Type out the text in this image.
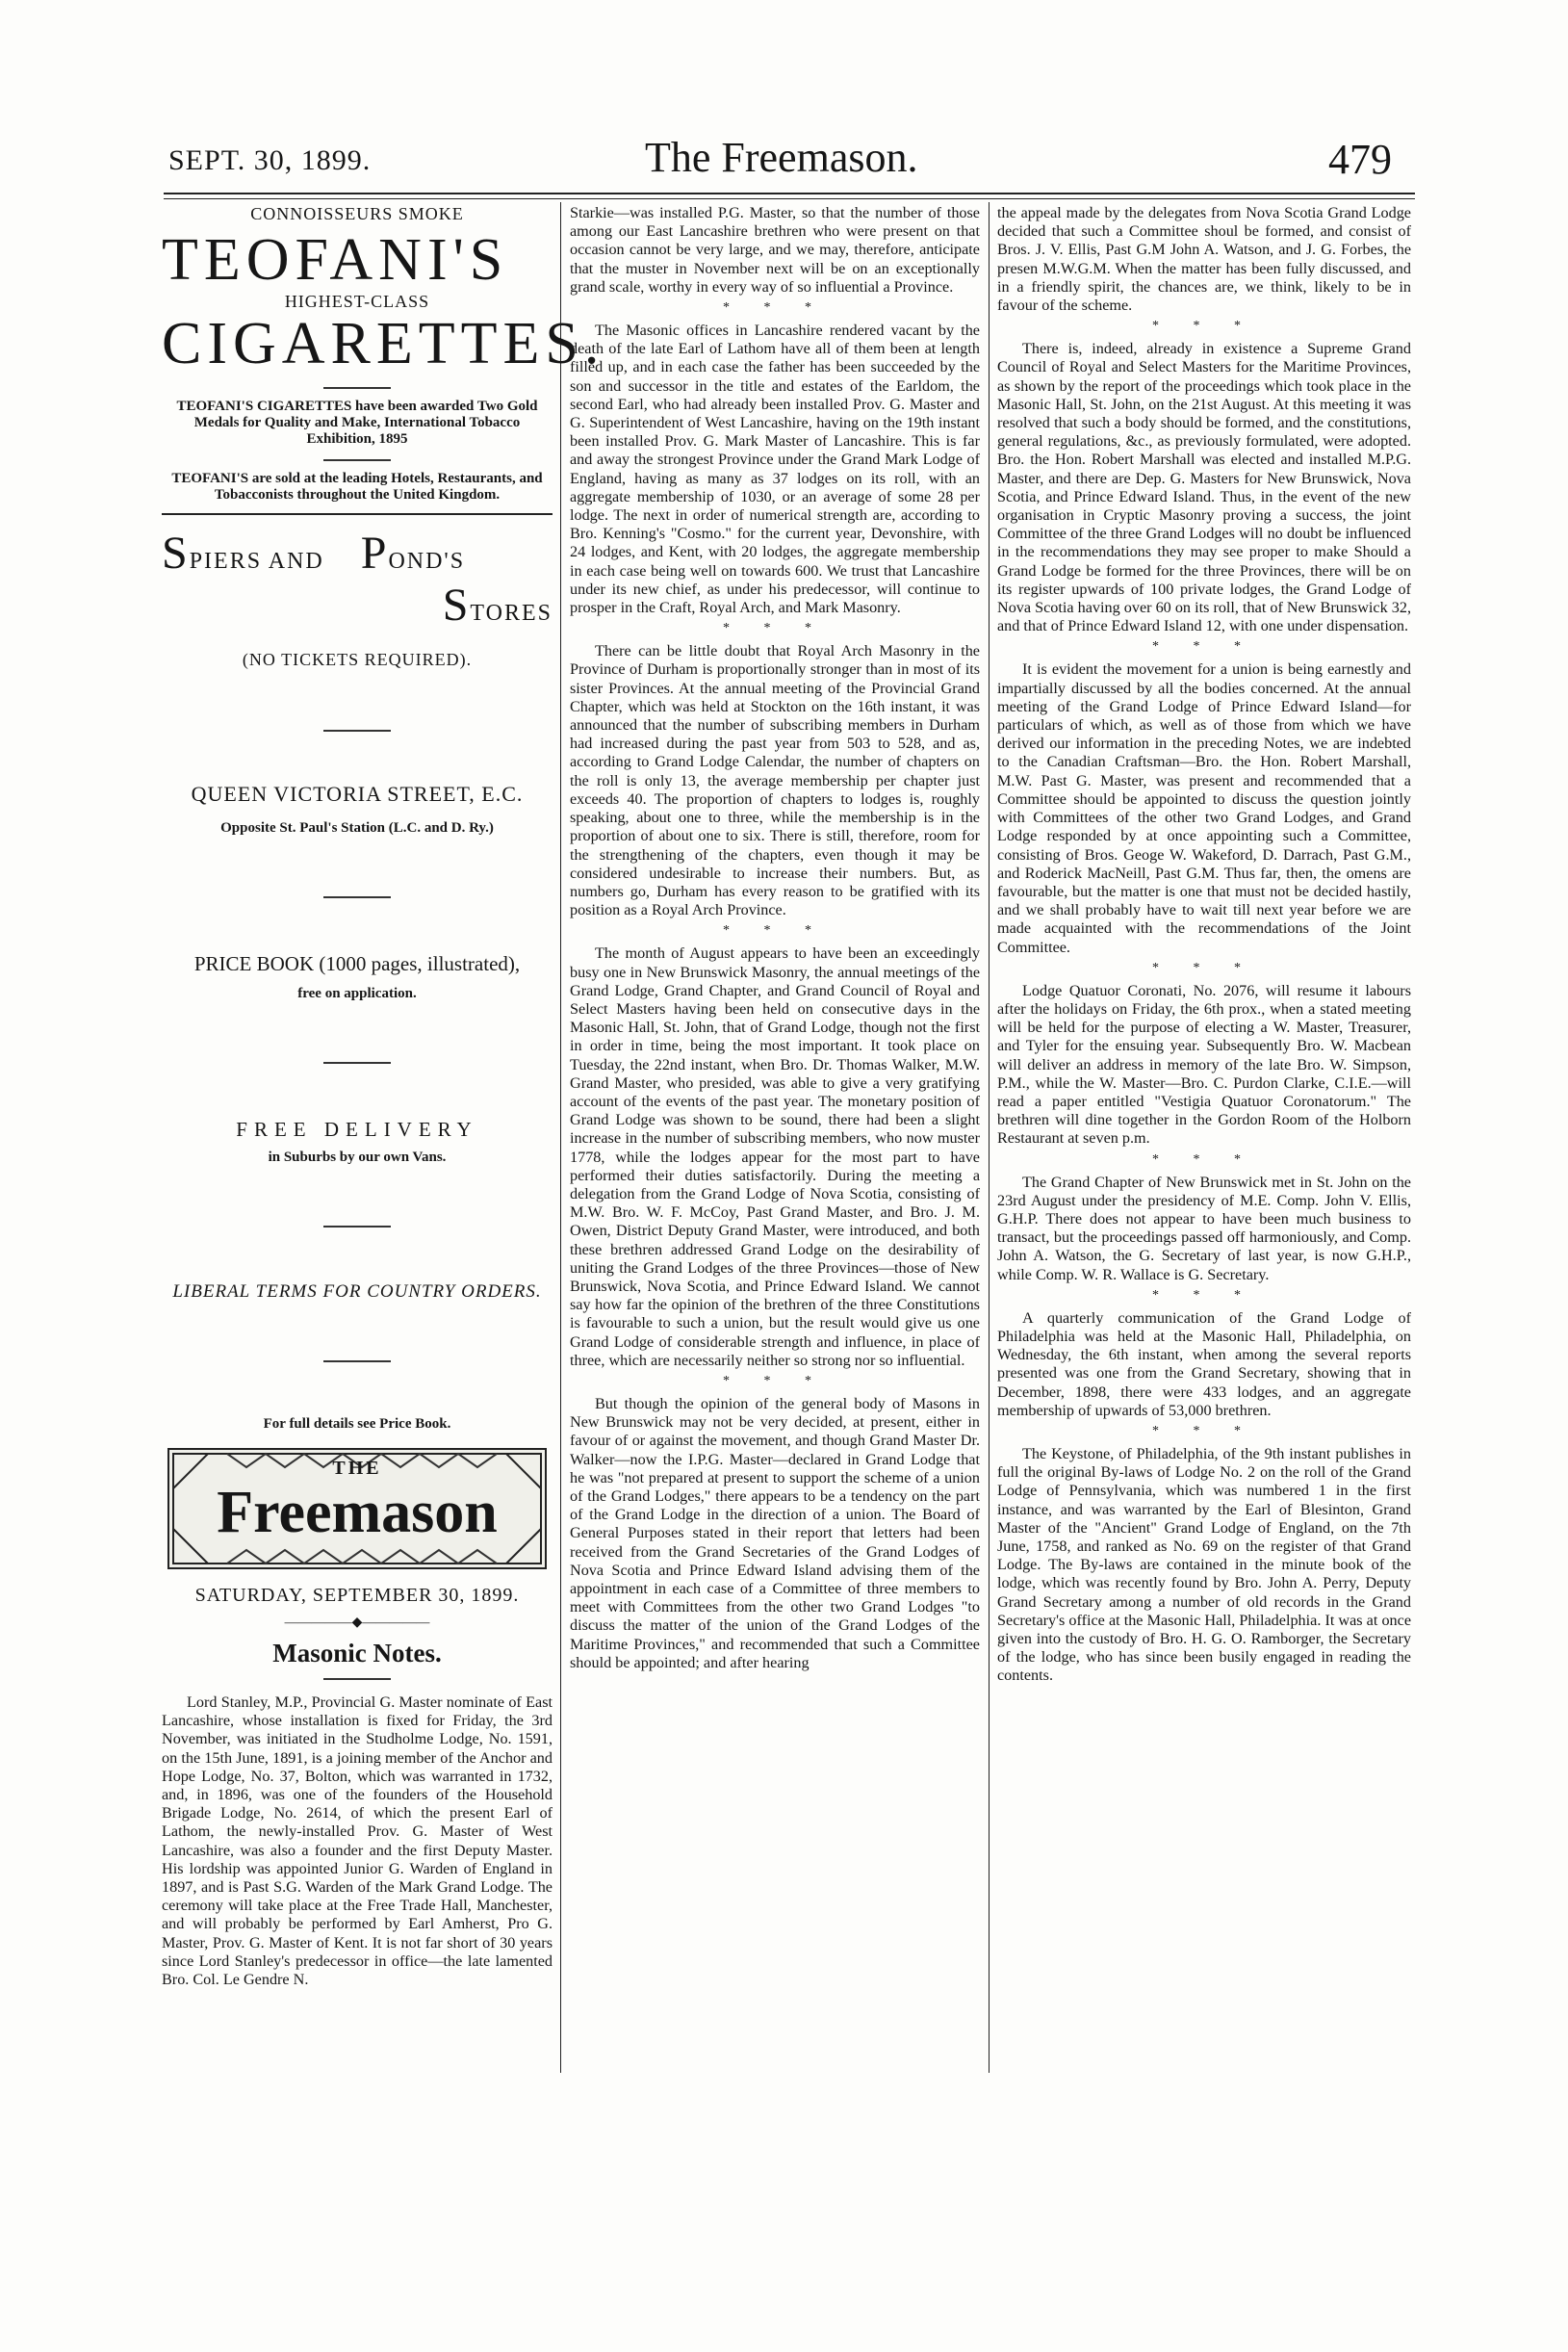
SEPT. 30, 1899.	The Freemason.	479
CONNOISSEURS SMOKE
TEOFANI'S
HIGHEST-CLASS
CIGARETTES.
TEOFANI'S CIGARETTES have been awarded Two Gold Medals for Quality and Make, International Tobacco Exhibition, 1895
TEOFANI'S are sold at the leading Hotels, Restaurants, and Tobacconists throughout the United Kingdom.
SPIERS AND POND'S
STORES
(NO TICKETS REQUIRED).
QUEEN VICTORIA STREET, E.C.
Opposite St. Paul's Station (L.C. and D. Ry.)
PRICE BOOK (1000 pages, illustrated),
free on application.
FREE DELIVERY
in Suburbs by our own Vans.
LIBERAL TERMS FOR COUNTRY ORDERS.
For full details see Price Book.
THE
Freemason
SATURDAY, SEPTEMBER 30, 1899.
—————◆—————
Masonic Notes.

Lord Stanley, M.P., Provincial G. Master nominate of East Lancashire, whose installation is fixed for Friday, the 3rd November, was initiated in the Studholme Lodge, No. 1591, on the 15th June, 1891, is a joining member of the Anchor and Hope Lodge, No. 37, Bolton, which was warranted in 1732, and, in 1896, was one of the founders of the Household Brigade Lodge, No. 2614, of which the present Earl of Lathom, the newly-installed Prov. G. Master of West Lancashire, was also a founder and the first Deputy Master. His lordship was appointed Junior G. Warden of England in 1897, and is Past S.G. Warden of the Mark Grand Lodge. The ceremony will take place at the Free Trade Hall, Manchester, and will probably be performed by Earl Amherst, Pro G. Master, Prov. G. Master of Kent. It is not far short of 30 years since Lord Stanley's predecessor in office—the late lamented Bro. Col. Le Gendre N.

Starkie—was installed P.G. Master, so that the number of those among our East Lancashire brethren who were present on that occasion cannot be very large, and we may, therefore, anticipate that the muster in November next will be on an exceptionally grand scale, worthy in every way of so influential a Province.

* * *

The Masonic offices in Lancashire rendered vacant by the death of the late Earl of Lathom have all of them been at length filled up, and in each case the father has been succeeded by the son and successor in the title and estates of the Earldom, the second Earl, who had already been installed Prov. G. Master and G. Superintendent of West Lancashire, having on the 19th instant been installed Prov. G. Mark Master of Lancashire. This is far and away the strongest Province under the Grand Mark Lodge of England, having as many as 37 lodges on its roll, with an aggregate membership of 1030, or an average of some 28 per lodge. The next in order of numerical strength are, according to Bro. Kenning's "Cosmo." for the current year, Devonshire, with 24 lodges, and Kent, with 20 lodges, the aggregate membership in each case being well on towards 600. We trust that Lancashire under its new chief, as under his predecessor, will continue to prosper in the Craft, Royal Arch, and Mark Masonry.

* * *

There can be little doubt that Royal Arch Masonry in the Province of Durham is proportionally stronger than in most of its sister Provinces. At the annual meeting of the Provincial Grand Chapter, which was held at Stockton on the 16th instant, it was announced that the number of subscribing members in Durham had increased during the past year from 503 to 528, and as, according to Grand Lodge Calendar, the number of chapters on the roll is only 13, the average membership per chapter just exceeds 40. The proportion of chapters to lodges is, roughly speaking, about one to three, while the membership is in the proportion of about one to six. There is still, therefore, room for the strengthening of the chapters, even though it may be considered undesirable to increase their numbers. But, as numbers go, Durham has every reason to be gratified with its position as a Royal Arch Province.

* * *

The month of August appears to have been an exceedingly busy one in New Brunswick Masonry, the annual meetings of the Grand Lodge, Grand Chapter, and Grand Council of Royal and Select Masters having been held on consecutive days in the Masonic Hall, St. John, that of Grand Lodge, though not the first in order in time, being the most important. It took place on Tuesday, the 22nd instant, when Bro. Dr. Thomas Walker, M.W. Grand Master, who presided, was able to give a very gratifying account of the events of the past year. The monetary position of Grand Lodge was shown to be sound, there had been a slight increase in the number of subscribing members, who now muster 1778, while the lodges appear for the most part to have performed their duties satisfactorily. During the meeting a delegation from the Grand Lodge of Nova Scotia, consisting of M.W. Bro. W. F. McCoy, Past Grand Master, and Bro. J. M. Owen, District Deputy Grand Master, were introduced, and both these brethren addressed Grand Lodge on the desirability of uniting the Grand Lodges of the three Provinces—those of New Brunswick, Nova Scotia, and Prince Edward Island. We cannot say how far the opinion of the brethren of the three Constitutions is favourable to such a union, but the result would give us one Grand Lodge of considerable strength and influence, in place of three, which are necessarily neither so strong nor so influential.

* * *

But though the opinion of the general body of Masons in New Brunswick may not be very decided, at present, either in favour of or against the movement, and though Grand Master Dr. Walker—now the I.P.G. Master—declared in Grand Lodge that he was "not prepared at present to support the scheme of a union of the Grand Lodges," there appears to be a tendency on the part of the Grand Lodge in the direction of a union. The Board of General Purposes stated in their report that letters had been received from the Grand Secretaries of the Grand Lodges of Nova Scotia and Prince Edward Island advising them of the appointment in each case of a Committee of three members to meet with Committees from the other two Grand Lodges "to discuss the matter of the union of the Grand Lodges of the Maritime Provinces," and recommended that such a Committee should be appointed; and after hearing

the appeal made by the delegates from Nova Scotia Grand Lodge decided that such a Committee shoul be formed, and consist of Bros. J. V. Ellis, Past G.M John A. Watson, and J. G. Forbes, the presen M.W.G.M. When the matter has been fully discussed, and in a friendly spirit, the chances are, we think, likely to be in favour of the scheme.

* * *

There is, indeed, already in existence a Supreme Grand Council of Royal and Select Masters for the Maritime Provinces, as shown by the report of the proceedings which took place in the Masonic Hall, St. John, on the 21st August. At this meeting it was resolved that such a body should be formed, and the constitutions, general regulations, &c., as previously formulated, were adopted. Bro. the Hon. Robert Marshall was elected and installed M.P.G. Master, and there are Dep. G. Masters for New Brunswick, Nova Scotia, and Prince Edward Island. Thus, in the event of the new organisation in Cryptic Masonry proving a success, the joint Committee of the three Grand Lodges will no doubt be influenced in the recommendations they may see proper to make Should a Grand Lodge be formed for the three Provinces, there will be on its register upwards of 100 private lodges, the Grand Lodge of Nova Scotia having over 60 on its roll, that of New Brunswick 32, and that of Prince Edward Island 12, with one under dispensation.

* * *

It is evident the movement for a union is being earnestly and impartially discussed by all the bodies concerned. At the annual meeting of the Grand Lodge of Prince Edward Island—for particulars of which, as well as of those from which we have derived our information in the preceding Notes, we are indebted to the Canadian Craftsman—Bro. the Hon. Robert Marshall, M.W. Past G. Master, was present and recommended that a Committee should be appointed to discuss the question jointly with Committees of the other two Grand Lodges, and Grand Lodge responded by at once appointing such a Committee, consisting of Bros. Geoge W. Wakeford, D. Darrach, Past G.M., and Roderick MacNeill, Past G.M. Thus far, then, the omens are favourable, but the matter is one that must not be decided hastily, and we shall probably have to wait till next year before we are made acquainted with the recommendations of the Joint Committee.

* * *

Lodge Quatuor Coronati, No. 2076, will resume it labours after the holidays on Friday, the 6th prox., when a stated meeting will be held for the purpose of electing a W. Master, Treasurer, and Tyler for the ensuing year. Subsequently Bro. W. Macbean will deliver an address in memory of the late Bro. W. Simpson, P.M., while the W. Master—Bro. C. Purdon Clarke, C.I.E.—will read a paper entitled "Vestigia Quatuor Coronatorum." The brethren will dine together in the Gordon Room of the Holborn Restaurant at seven p.m.

* * *

The Grand Chapter of New Brunswick met in St. John on the 23rd August under the presidency of M.E. Comp. John V. Ellis, G.H.P. There does not appear to have been much business to transact, but the proceedings passed off harmoniously, and Comp. John A. Watson, the G. Secretary of last year, is now G.H.P., while Comp. W. R. Wallace is G. Secretary.

* * *

A quarterly communication of the Grand Lodge of Philadelphia was held at the Masonic Hall, Philadelphia, on Wednesday, the 6th instant, when among the several reports presented was one from the Grand Secretary, showing that in December, 1898, there were 433 lodges, and an aggregate membership of upwards of 53,000 brethren.

* * *

The Keystone, of Philadelphia, of the 9th instant publishes in full the original By-laws of Lodge No. 2 on the roll of the Grand Lodge of Pennsylvania, which was numbered 1 in the first instance, and was warranted by the Earl of Blesinton, Grand Master of the "Ancient" Grand Lodge of England, on the 7th June, 1758, and ranked as No. 69 on the register of that Grand Lodge. The By-laws are contained in the minute book of the lodge, which was recently found by Bro. John A. Perry, Deputy Grand Secretary among a number of old records in the Grand Secretary's office at the Masonic Hall, Philadelphia. It was at once given into the custody of Bro. H. G. O. Ramborger, the Secretary of the lodge, who has since been busily engaged in reading the contents.
